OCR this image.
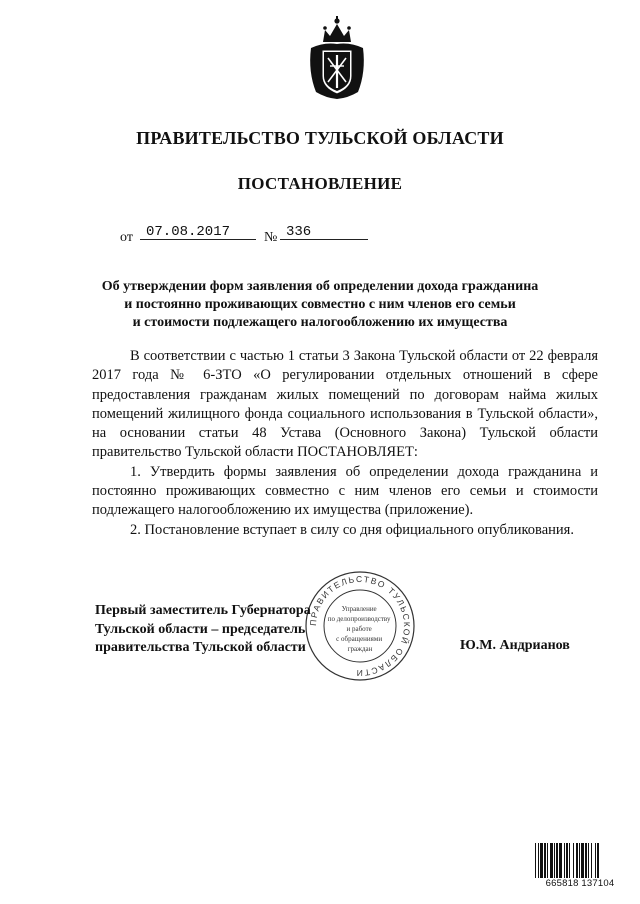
ПРАВИТЕЛЬСТВО ТУЛЬСКОЙ ОБЛАСТИ
ПОСТАНОВЛЕНИЕ
от 07.08.2017	№ 336
Об утверждении форм заявления об определении дохода гражданина
и постоянно проживающих совместно с ним членов его семьи
и стоимости подлежащего налогообложению их имущества

В соответствии с частью 1 статьи 3 Закона Тульской области от 22 февраля 2017 года № 6-ЗТО «О регулировании отдельных отношений в сфере предоставления гражданам жилых помещений по договорам найма жилых помещений жилищного фонда социального использования в Тульской области», на основании статьи 48 Устава (Основного Закона) Тульской области правительство Тульской области ПОСТАНОВЛЯЕТ:

1. Утвердить формы заявления об определении дохода гражданина и постоянно проживающих совместно с ним членов его семьи и стоимости подлежащего налогообложению их имущества (приложение).

2. Постановление вступает в силу со дня официального опубликования.

ПРАВИТЕЛЬСТВО ТУЛЬСКОЙ ОБЛАСТИ
Управление по делопроизводству и работе с обращениями граждан
Первый заместитель Губернатора
Тульской области – председатель
правительства Тульской области	Ю.М. Андрианов
665818 137104
